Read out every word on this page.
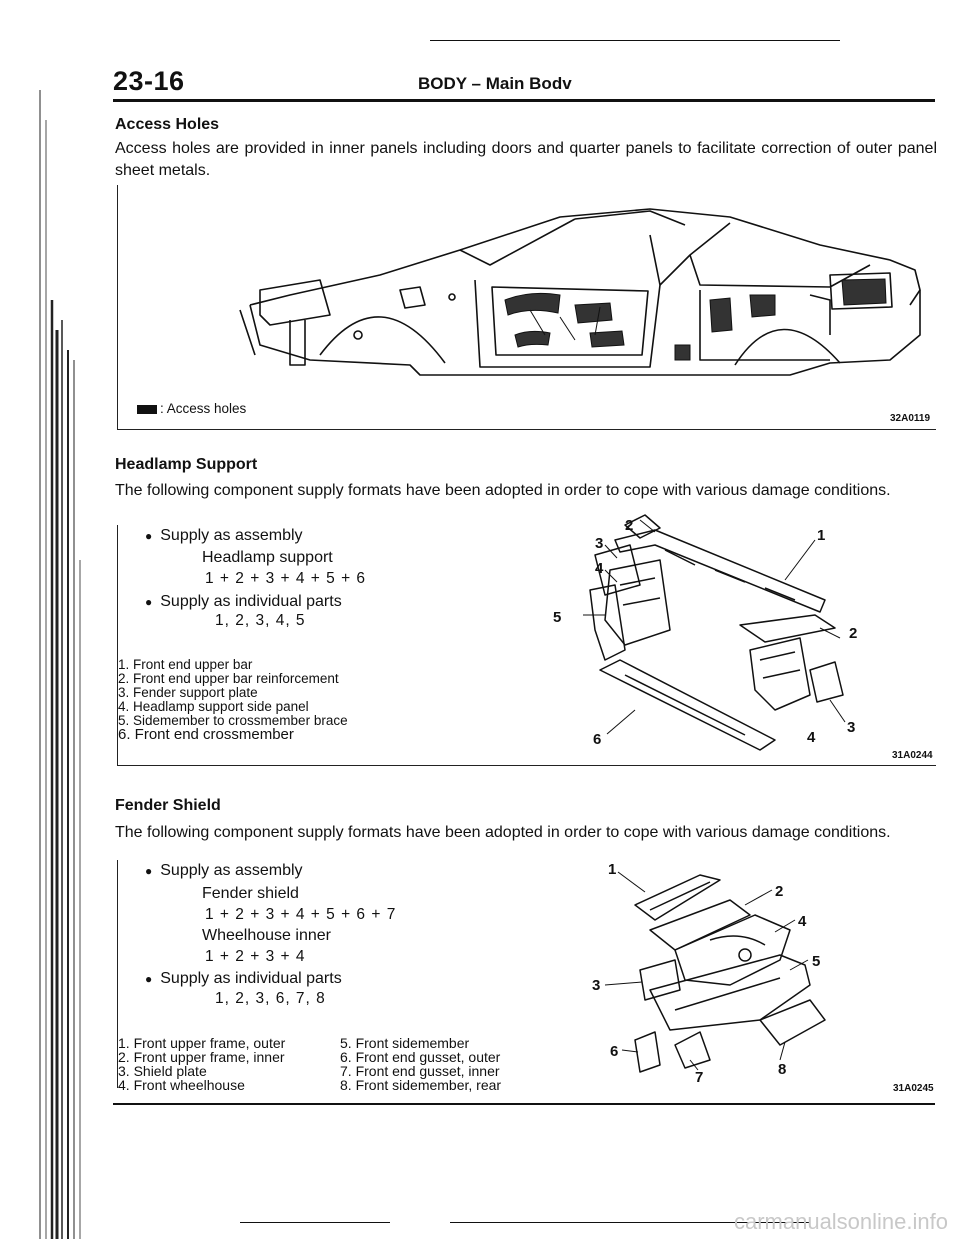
23-16	BODY – Main Bodv
Access Holes
Access holes are provided in inner panels including doors and quarter panels to facilitate correction of outer panel sheet metals.
: Access holes
32A0119
Headlamp Support
The following component supply formats have been adopted in order to cope with various damage conditions.
● Supply as assembly
Headlamp support
1 + 2 + 3 + 4 + 5 + 6
● Supply as individual parts
1, 2, 3, 4, 5
1. Front end upper bar
2. Front end upper bar reinforcement
3. Fender support plate
4. Headlamp support side panel
5. Sidemember to crossmember brace
6. Front end crossmember
2
1
3
4
2
5
6
3
4
31A0244
Fender Shield
The following component supply formats have been adopted in order to cope with various damage conditions.
● Supply as assembly
Fender shield
1 + 2 + 3 + 4 + 5 + 6 + 7
Wheelhouse inner
1 + 2 + 3 + 4
● Supply as individual parts
1, 2, 3, 6, 7, 8
1. Front upper frame, outer
2. Front upper frame, inner
3. Shield plate
4. Front wheelhouse
5. Front sidemember
6. Front end gusset, outer
7. Front end gusset, inner
8. Front sidemember, rear
1
2
4
5
3
6
7	8
31A0245
carmanualsonline.info
